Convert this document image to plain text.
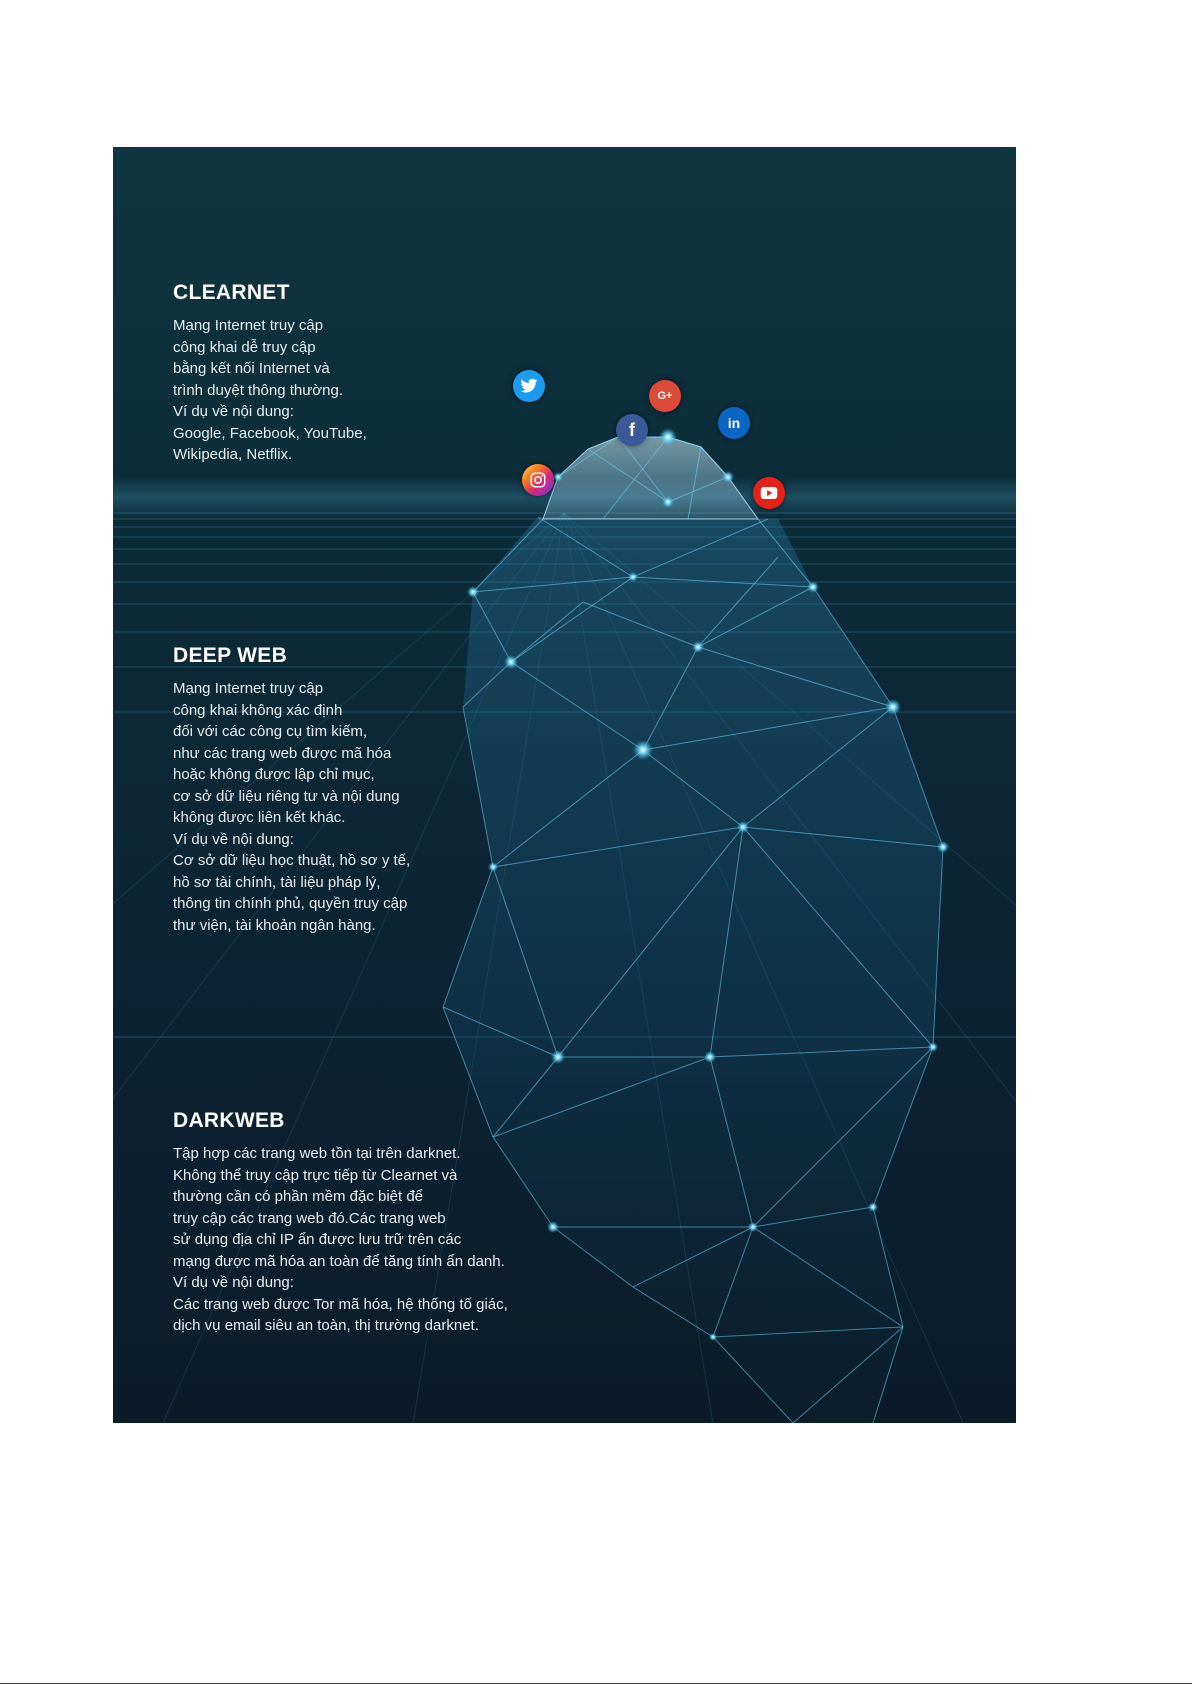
G+
f	in
CLEARNET
Mạng Internet truy cập
công khai dễ truy cập
bằng kết nối Internet và
trình duyệt thông thường.
Ví dụ về nội dung:
Google, Facebook, YouTube,
Wikipedia, Netflix.
DEEP WEB
Mạng Internet truy cập
công khai không xác định
đối với các công cụ tìm kiếm,
như các trang web được mã hóa
hoặc không được lập chỉ mục,
cơ sở dữ liệu riêng tư và nội dung
không được liên kết khác.
Ví dụ về nội dung:
Cơ sở dữ liệu học thuật, hồ sơ y tế,
hồ sơ tài chính, tài liệu pháp lý,
thông tin chính phủ, quyền truy cập
thư viện, tài khoản ngân hàng.
DARKWEB
Tập hợp các trang web tồn tại trên darknet.
Không thể truy cập trực tiếp từ Clearnet và
thường cần có phần mềm đặc biệt để
truy cập các trang web đó.Các trang web
sử dụng địa chỉ IP ẩn được lưu trữ trên các
mạng được mã hóa an toàn để tăng tính ẩn danh.
Ví dụ về nội dung:
Các trang web được Tor mã hóa, hệ thống tố giác,
dịch vụ email siêu an toàn, thị trường darknet.
